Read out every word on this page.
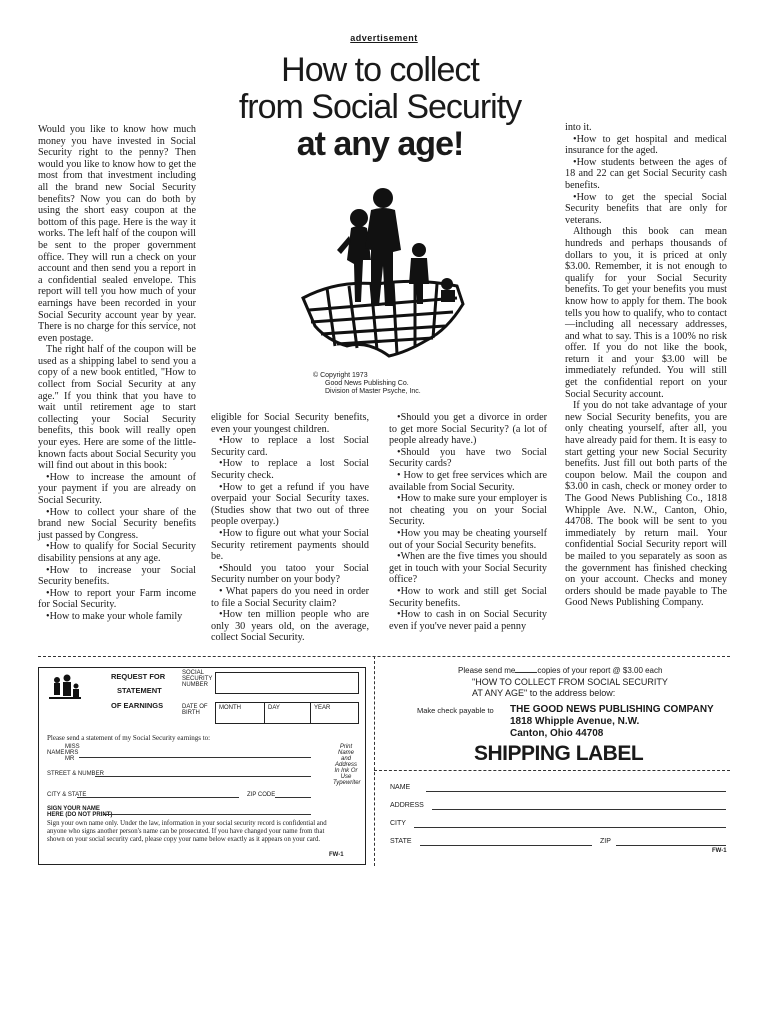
advertisement
How to collect
from Social Security
at any age!
© Copyright 1973
Good News Publishing Co.
Division of Master Psyche, Inc.

Would you like to know how much money you have invested in Social Security right to the penny? Then would you like to know how to get the most from that investment including all the brand new Social Security benefits? Now you can do both by using the short easy coupon at the bottom of this page. Here is the way it works. The left half of the coupon will be sent to the proper government office. They will run a check on your account and then send you a report in a confidential sealed envelope. This report will tell you how much of your earnings have been recorded in your Social Security account year by year. There is no charge for this service, not even postage.

The right half of the coupon will be used as a shipping label to send you a copy of a new book entitled, "How to collect from Social Security at any age." If you think that you have to wait until retirement age to start collecting your Social Security benefits, this book will really open your eyes. Here are some of the little-known facts about Social Security you will find out about in this book:

•How to increase the amount of your payment if you are already on Social Security.

•How to collect your share of the brand new Social Security benefits just passed by Congress.

•How to qualify for Social Security disability pensions at any age.

•How to increase your Social Security benefits.

•How to report your Farm income for Social Security.

•How to make your whole family

eligible for Social Security benefits, even your youngest children.

•How to replace a lost Social Security card.

•How to replace a lost Social Security check.

•How to get a refund if you have overpaid your Social Security taxes. (Studies show that two out of three people overpay.)

•How to figure out what your Social Security retirement payments should be.

•Should you tatoo your Social Security number on your body?

• What papers do you need in order to file a Social Security claim?

•How ten million people who are only 30 years old, on the average, collect Social Security.

•Should you get a divorce in order to get more Social Security? (a lot of people already have.)

•Should you have two Social Security cards?

• How to get free services which are available from Social Security.

•How to make sure your employer is not cheating you on your Social Security.

•How you may be cheating yourself out of your Social Security benefits.

•When are the five times you should get in touch with your Social Security office?

•How to work and still get Social Security benefits.

•How to cash in on Social Security even if you've never paid a penny

into it.

•How to get hospital and medical insurance for the aged.

•How students between the ages of 18 and 22 can get Social Security cash benefits.

•How to get the special Social Security benefits that are only for veterans.

Although this book can mean hundreds and perhaps thousands of dollars to you, it is priced at only $3.00. Remember, it is not enough to qualify for your Social Security benefits. To get your benefits you must know how to apply for them. The book tells you how to qualify, who to contact—including all necessary addresses, and what to say. This is a 100% no risk offer. If you do not like the book, return it and your $3.00 will be immediately refunded. You will still get the confidential report on your Social Security account.

If you do not take advantage of your new Social Security benefits, you are only cheating yourself, after all, you have already paid for them. It is easy to start getting your new Social Security benefits. Just fill out both parts of the coupon below. Mail the coupon and $3.00 in cash, check or money order to The Good News Publishing Co., 1818 Whipple Ave. N.W., Canton, Ohio, 44708. The book will be sent to you immediately by return mail. Your confidential Social Security report will be mailed to you separately as soon as the government has finished checking on your account. Checks and money orders should be made payable to The Good News Publishing Company.

REQUEST FOR
STATEMENT
OF EARNINGS
SOCIAL SECURITY NUMBER
DATE OF BIRTH
MONTH	DAY	YEAR
Please send a statement of my Social Security earnings to:
NAME
MISS
MRS
MR
STREET & NUMBER
CITY & STATE	ZIP CODE
Print Name and Address In Ink Or Use Typewriter
SIGN YOUR NAME HERE (DO NOT PRINT)
Sign your own name only. Under the law, information in your social security record is confidential and anyone who signs another person's name can be prosecuted. If you have changed your name from that shown on your social security card, please copy your name below exactly as it appears on your card.
FW-1
Please send me	copies of your report @ $3.00 each
"HOW TO COLLECT FROM SOCIAL SECURITY
AT ANY AGE" to the address below:
Make check payable to THE GOOD NEWS PUBLISHING COMPANY
1818 Whipple Avenue, N.W.
Canton, Ohio 44708
SHIPPING LABEL
NAME
ADDRESS
CITY
STATE	ZIP
FW-1
